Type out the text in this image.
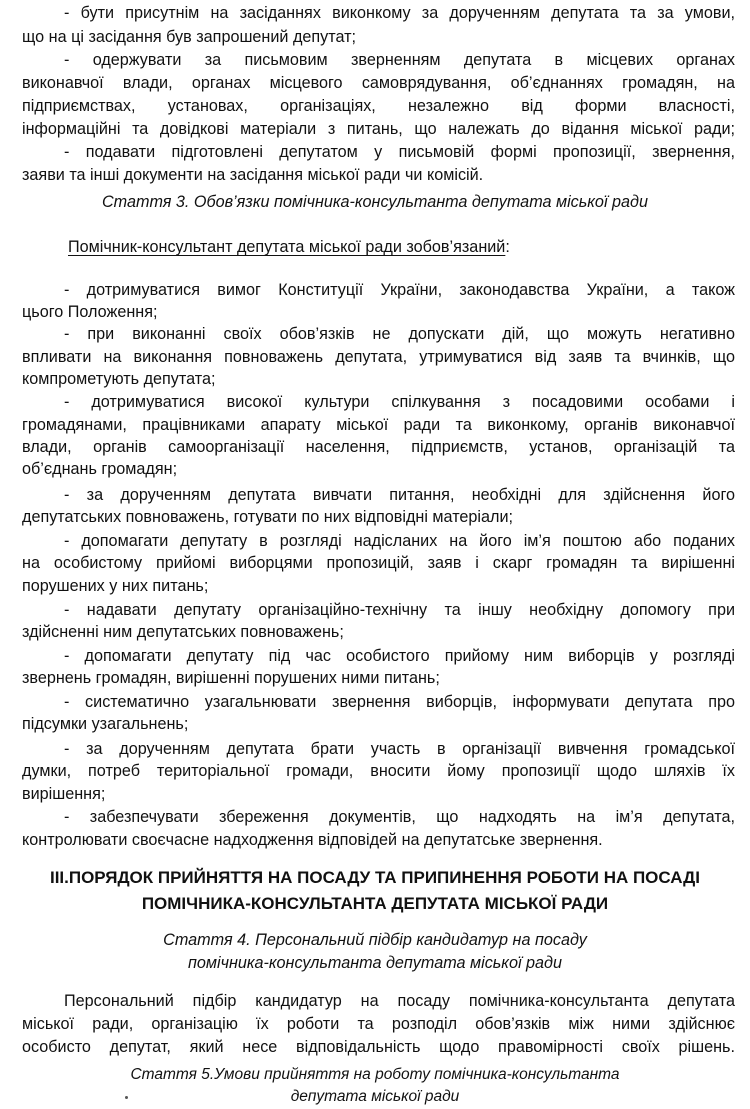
- бути присутнім на засіданнях виконкому за дорученням депутата та за умови,
що на ці засідання був запрошений депутат;
- одержувати за письмовим зверненням депутата в місцевих органах
виконавчої влади, органах місцевого самоврядування, об’єднаннях громадян, на
підприємствах, установах, організаціях, незалежно від форми власності,
інформаційні та довідкові матеріали з питань, що належать до відання міської ради;
- подавати підготовлені депутатом у письмовій формі пропозиції, звернення,
заяви та інші документи на засідання міської ради чи комісій.
Стаття 3. Обов’язки помічника-консультанта депутата міської ради
Помічник-консультант депутата міської ради зобов’язаний:
- дотримуватися вимог Конституції України, законодавства України, а також
цього Положення;
- при виконанні своїх обов’язків не допускати дій, що можуть негативно
впливати на виконання повноважень депутата, утримуватися від заяв та вчинків, що
компрометують депутата;
- дотримуватися високої культури спілкування з посадовими особами і
громадянами, працівниками апарату міської ради та виконкому, органів виконавчої
влади, органів самоорганізації населення, підприємств, установ, організацій та
об’єднань громадян;
- за дорученням депутата вивчати питання, необхідні для здійснення його
депутатських повноважень, готувати по них відповідні матеріали;
- допомагати депутату в розгляді надісланих на його ім’я поштою або поданих
на особистому прийомі виборцями пропозицій, заяв і скарг громадян та вирішенні
порушених у них питань;
- надавати депутату організаційно-технічну та іншу необхідну допомогу при
здійсненні ним депутатських повноважень;
- допомагати депутату під час особистого прийому ним виборців у розгляді
звернень громадян, вирішенні порушених ними питань;
- систематично узагальнювати звернення виборців, інформувати депутата про
підсумки узагальнень;
- за дорученням депутата брати участь в організації вивчення громадської
думки, потреб територіальної громади, вносити йому пропозиції щодо шляхів їх
вирішення;
- забезпечувати збереження документів, що надходять на ім’я депутата,
контролювати своєчасне надходження відповідей на депутатське звернення.
ІІІ.ПОРЯДОК ПРИЙНЯТТЯ НА ПОСАДУ ТА ПРИПИНЕННЯ РОБОТИ НА ПОСАДІ
ПОМІЧНИКА-КОНСУЛЬТАНТА ДЕПУТАТА МІСЬКОЇ РАДИ
Стаття 4. Персональний підбір кандидатур на посаду
помічника-консультанта депутата міської ради
Персональний підбір кандидатур на посаду помічника-консультанта депутата
міської ради, організацію їх роботи та розподіл обов’язків між ними здійснює
особисто депутат, який несе відповідальність щодо правомірності своїх рішень.
Стаття 5.Умови прийняття на роботу помічника-консультанта
депутата міської ради
